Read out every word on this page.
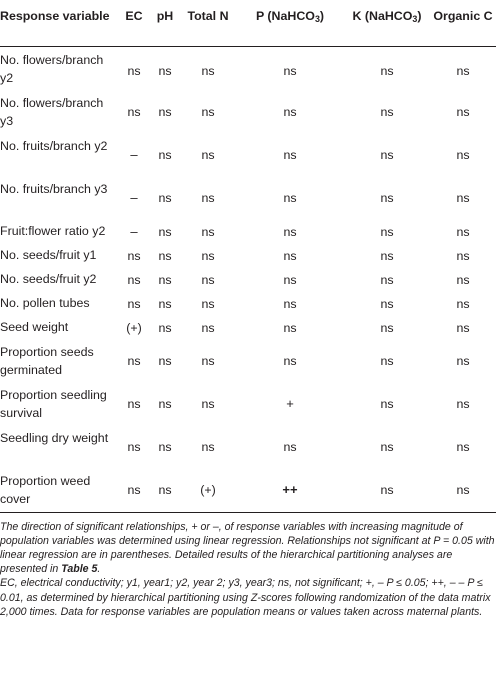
Response variable	EC	pH	Total N	P (NaHCO$_3$)	K (NaHCO$_3$)	Organic C
No. flowers/branch y2	ns	ns	ns	ns	ns	ns
No. flowers/branch y3	ns	ns	ns	ns	ns	ns
No. fruits/branch y2	–	ns	ns	ns	ns	ns
No. fruits/branch y3	–	ns	ns	ns	ns	ns
Fruit:flower ratio y2	–	ns	ns	ns	ns	ns
No. seeds/fruit y1	ns	ns	ns	ns	ns	ns
No. seeds/fruit y2	ns	ns	ns	ns	ns	ns
No. pollen tubes	ns	ns	ns	ns	ns	ns
Seed weight	(+)	ns	ns	ns	ns	ns
Proportion seeds germinated	ns	ns	ns	ns	ns	ns
Proportion seedling survival	ns	ns	ns	+	ns	ns
Seedling dry weight	ns	ns	ns	ns	ns	ns
Proportion weed cover	ns	ns	(+)	++	ns	ns

The direction of significant relationships, + or –, of response variables with increasing magnitude of population variables was determined using linear regression. Relationships not significant at P = 0.05 with linear regression are in parentheses. Detailed results of the hierarchical partitioning analyses are presented in Table 5.

EC, electrical conductivity; y1, year1; y2, year 2; y3, year3; ns, not significant; +, – P ≤ 0.05; ++, – – P ≤ 0.01, as determined by hierarchical partitioning using Z-scores following randomization of the data matrix 2,000 times. Data for response variables are population means or values taken across maternal plants.
